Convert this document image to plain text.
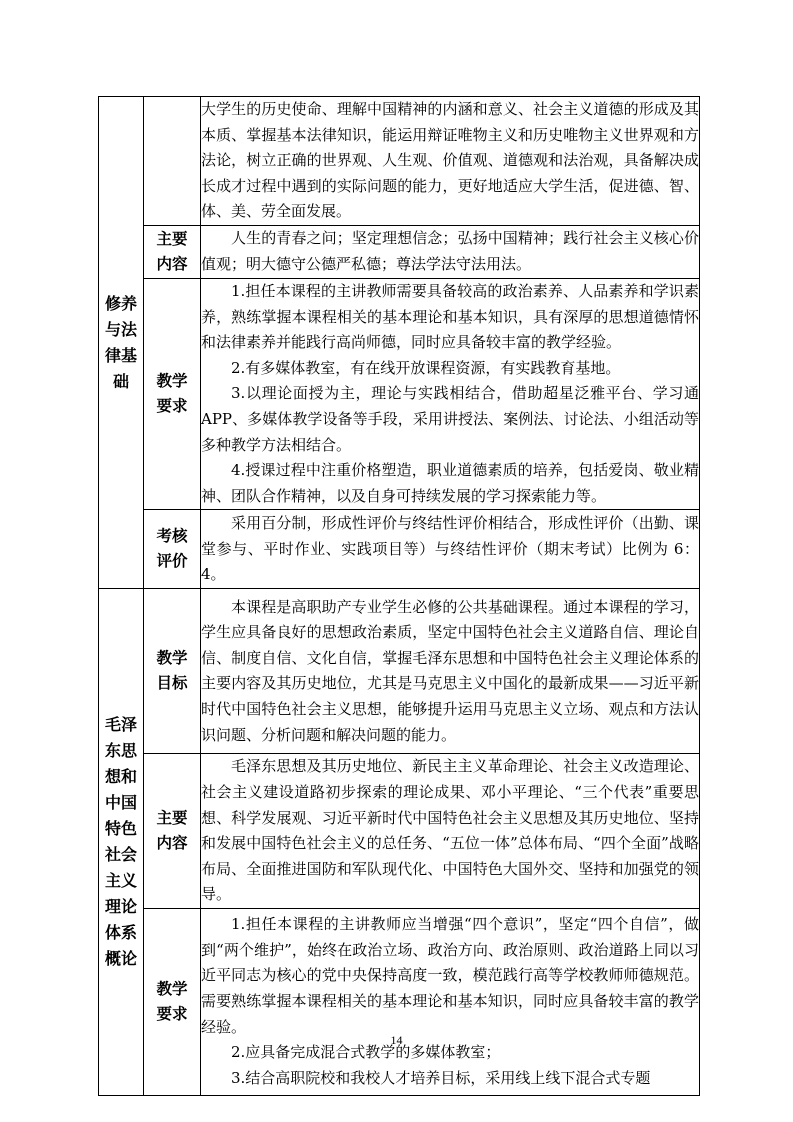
修养与法律基础		大学生的历史使命、理解中国精神的内涵和意义、社会主义道德的形成及其本质、掌握基本法律知识，能运用辩证唯物主义和历史唯物主义世界观和方法论，树立正确的世界观、人生观、价值观、道德观和法治观，具备解决成长成才过程中遇到的实际问题的能力，更好地适应大学生活，促进德、智、体、美、劳全面发展。

	主要内容	人生的青春之问；坚定理想信念；弘扬中国精神；践行社会主义核心价值观；明大德守公德严私德；尊法学法守法用法。

	教学要求	1.担任本课程的主讲教师需要具备较高的政治素养、人品素养和学识素养，熟练掌握本课程相关的基本理论和基本知识，具有深厚的思想道德情怀和法律素养并能践行高尚师德，同时应具备较丰富的教学经验。

2.有多媒体教室，有在线开放课程资源，有实践教育基地。

3.以理论面授为主，理论与实践相结合，借助超星泛雅平台、学习通 APP、多媒体教学设备等手段，采用讲授法、案例法、讨论法、小组活动等多种教学方法相结合。

4.授课过程中注重价格塑造，职业道德素质的培养，包括爱岗、敬业精神、团队合作精神，以及自身可持续发展的学习探索能力等。

	考核评价	采用百分制，形成性评价与终结性评价相结合，形成性评价（出勤、课堂参与、平时作业、实践项目等）与终结性评价（期末考试）比例为 6：4。

毛泽东思想和中国特色社会主义理论体系概论	教学目标	本课程是高职助产专业学生必修的公共基础课程。通过本课程的学习，学生应具备良好的思想政治素质，坚定中国特色社会主义道路自信、理论自信、制度自信、文化自信，掌握毛泽东思想和中国特色社会主义理论体系的主要内容及其历史地位，尤其是马克思主义中国化的最新成果——习近平新时代中国特色社会主义思想，能够提升运用马克思主义立场、观点和方法认识问题、分析问题和解决问题的能力。

	主要内容	毛泽东思想及其历史地位、新民主主义革命理论、社会主义改造理论、社会主义建设道路初步探索的理论成果、邓小平理论、“三个代表”重要思想、科学发展观、习近平新时代中国特色社会主义思想及其历史地位、坚持和发展中国特色社会主义的总任务、“五位一体”总体布局、“四个全面”战略布局、全面推进国防和军队现代化、中国特色大国外交、坚持和加强党的领导。

	教学要求	1.担任本课程的主讲教师应当增强“四个意识”，坚定“四个自信”，做到“两个维护”，始终在政治立场、政治方向、政治原则、政治道路上同以习近平同志为核心的党中央保持高度一致，模范践行高等学校教师师德规范。需要熟练掌握本课程相关的基本理论和基本知识，同时应具备较丰富的教学经验。

2.应具备完成混合式教学的多媒体教室；

3.结合高职院校和我校人才培养目标，采用线上线下混合式专题

14
